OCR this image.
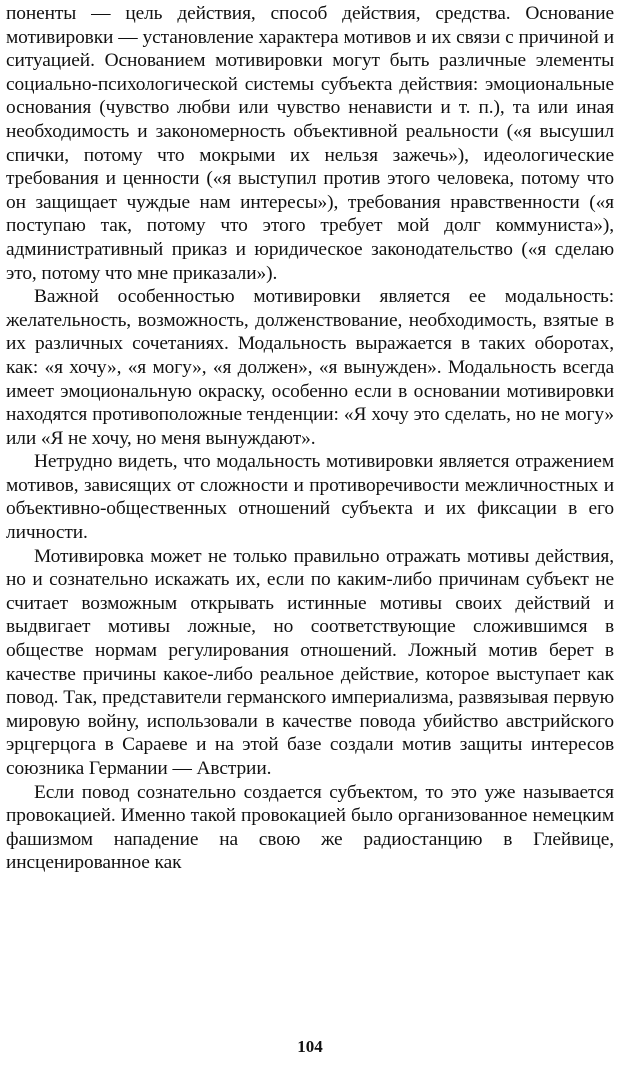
поненты — цель действия, способ действия, средства. Основание мотивировки — установление характера мотивов и их связи с причиной и ситуацией. Основанием мотивировки могут быть различные элементы социально-психологической системы субъекта действия: эмоциональные основания (чувство любви или чувство ненависти и т. п.), та или иная необходимость и закономерность объективной реальности («я высушил спички, потому что мокрыми их нельзя зажечь»), идеологические требования и ценности («я выступил против этого человека, потому что он защищает чуждые нам интересы»), требования нравственности («я поступаю так, потому что этого требует мой долг коммуниста»), административный приказ и юридическое законодательство («я сделаю это, потому что мне приказали»).

Важной особенностью мотивировки является ее модальность: желательность, возможность, долженствование, необходимость, взятые в их различных сочетаниях. Модальность выражается в таких оборотах, как: «я хочу», «я могу», «я должен», «я вынужден». Модальность всегда имеет эмоциональную окраску, особенно если в основании мотивировки находятся противоположные тенденции: «Я хочу это сделать, но не могу» или «Я не хочу, но меня вынуждают».

Нетрудно видеть, что модальность мотивировки является отражением мотивов, зависящих от сложности и противоречивости межличностных и объективно-общественных отношений субъекта и их фиксации в его личности.

Мотивировка может не только правильно отражать мотивы действия, но и сознательно искажать их, если по каким-либо причинам субъект не считает возможным открывать истинные мотивы своих действий и выдвигает мотивы ложные, но соответствующие сложившимся в обществе нормам регулирования отношений. Ложный мотив берет в качестве причины какое-либо реальное действие, которое выступает как повод. Так, представители германского империализма, развязывая первую мировую войну, использовали в качестве повода убийство австрийского эрцгерцога в Сараеве и на этой базе создали мотив защиты интересов союзника Германии — Австрии.

Если повод сознательно создается субъектом, то это уже называется провокацией. Именно такой провокацией было организованное немецким фашизмом нападение на свою же радиостанцию в Глейвице, инсценированное как

104
